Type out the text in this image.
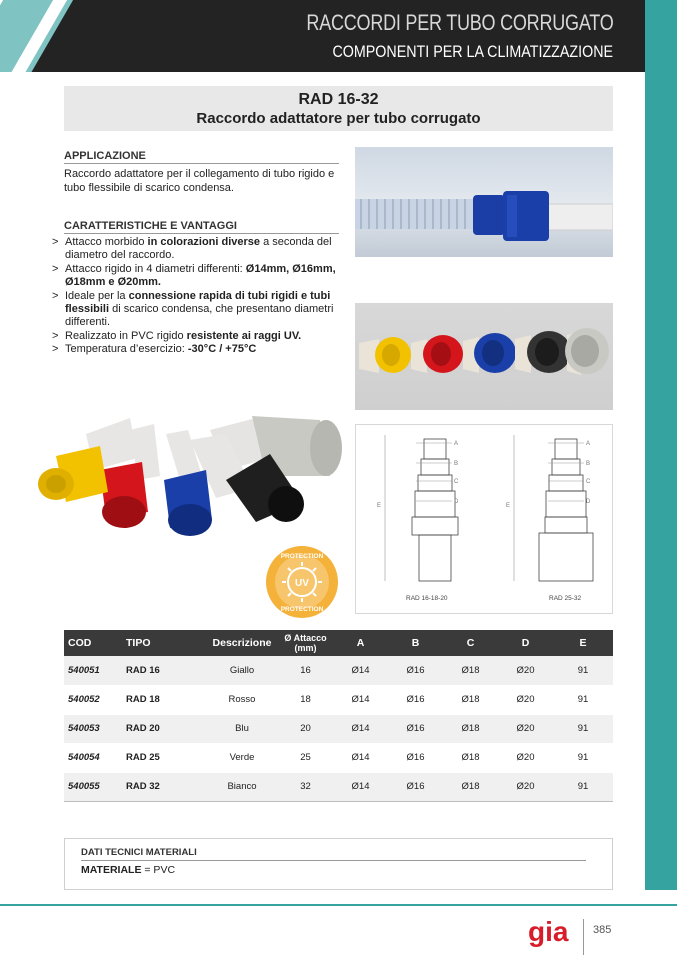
RACCORDI PER TUBO CORRUGATO
COMPONENTI PER LA CLIMATIZZAZIONE
RAD 16-32
Raccordo adattatore per tubo corrugato
APPLICAZIONE
Raccordo adattatore per il collegamento di tubo rigido e tubo flessibile di scarico condensa.
CARATTERISTICHE E VANTAGGI
> Attacco morbido in colorazioni diverse a seconda del diametro del raccordo.
> Attacco rigido in 4 diametri differenti: Ø14mm, Ø16mm, Ø18mm e Ø20mm.
> Ideale per la connessione rapida di tubi rigidi e tubi flessibili di scarico condensa, che presentano diametri differenti.
> Realizzato in PVC rigido resistente ai raggi UV.
> Temperatura d’esercizio: -30°C / +75°C
UV
PROTECTION
PROTECTION
A
B
C
D
E
RAD 16-18-20
A
B
C
D
E
RAD 25-32
COD	TIPO	Descrizione	Ø Attacco
(mm)	A	B	C	D	E
540051	RAD 16	Giallo	16	Ø14	Ø16	Ø18	Ø20	91
540052	RAD 18	Rosso	18	Ø14	Ø16	Ø18	Ø20	91
540053	RAD 20	Blu	20	Ø14	Ø16	Ø18	Ø20	91
540054	RAD 25	Verde	25	Ø14	Ø16	Ø18	Ø20	91
540055	RAD 32	Bianco	32	Ø14	Ø16	Ø18	Ø20	91
DATI TECNICI MATERIALI
MATERIALE = PVC
gia 385
